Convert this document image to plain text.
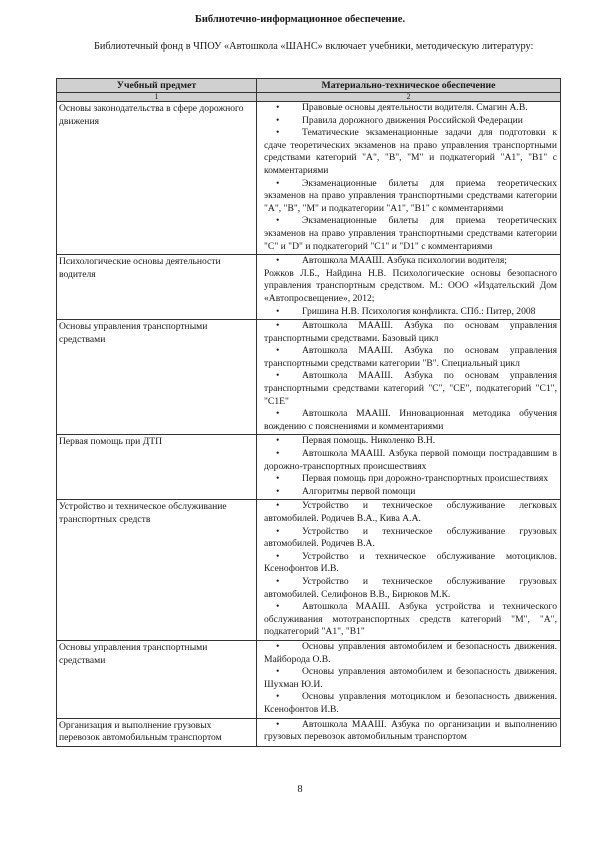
Библиотечно-информационное обеспечение.

Библиотечный фонд в ЧПОУ «Автошкола «ШАНС» включает учебники, методическую литературу:

Учебный предмет	Материально-техническое обеспечение
1	2
Основы законодательства в сфере дорожного движения	• Правовые основы деятельности водителя. Смагин А.В.
• Правила дорожного движения Российской Федерации
• Тематические экзаменационные задачи для подготовки к сдаче теоретических экзаменов на право управления транспортными средствами категорий "А", "В", "М" и подкатегорий "А1", "В1" с комментариями
• Экзаменационные билеты для приема теоретических экзаменов на право управления транспортными средствами категории "А", "В", "М" и подкатегории "А1", "В1" с комментариями
• Экзаменационные билеты для приема теоретических экзаменов на право управления транспортными средствами категории "С" и "D" и подкатегорий "С1" и "D1" с комментариями

Психологические основы деятельности водителя	• Автошкола МААШ. Азбука психологии водителя;
Рожков Л.Б., Найдина Н.В. Психологические основы безопасного управления транспортным средством. М.: ООО «Издательский Дом «Автопросвещение», 2012;
• Гришина Н.В. Психология конфликта. СПб.: Питер, 2008

Основы управления транспортными средствами	• Автошкола МААШ. Азбука по основам управления транспортными средствами. Базовый цикл
• Автошкола МААШ. Азбука по основам управления транспортными средствами категории "В". Специальный цикл
• Автошкола МААШ. Азбука по основам управления транспортными средствами категорий "С", "СЕ", подкатегорий "С1", "С1Е"
• Автошкола МААШ. Инновационная методика обучения вождению с пояснениями и комментариями

Первая помощь при ДТП	• Первая помощь. Николенко В.Н.
• Автошкола МААШ. Азбука первой помощи пострадавшим в дорожно-транспортных происшествиях
• Первая помощь при дорожно-транспортных происшествиях
• Алгоритмы первой помощи

Устройство и техническое обслуживание транспортных средств	• Устройство и техническое обслуживание легковых автомобилей. Родичев В.А., Кива А.А.
• Устройство и техническое обслуживание грузовых автомобилей. Родичев В.А.
• Устройство и техническое обслуживание мотоциклов. Ксенофонтов И.В.
• Устройство и техническое обслуживание грузовых автомобилей. Селифонов В.В., Бирюков М.К.
• Автошкола МААШ. Азбука устройства и технического обслуживания мототранспортных средств категорий "М", "А", подкатегорий "А1", "В1"

Основы управления транспортными средствами	• Основы управления автомобилем и безопасность движения. Майборода О.В.
• Основы управления автомобилем и безопасность движения. Шухман Ю.И.
• Основы управления мотоциклом и безопасность движения. Ксенофонтов И.В.

Организация и выполнение грузовых перевозок автомобильным транспортом	• Автошкола МААШ. Азбука по организации и выполнению грузовых перевозок автомобильным транспортом
8
